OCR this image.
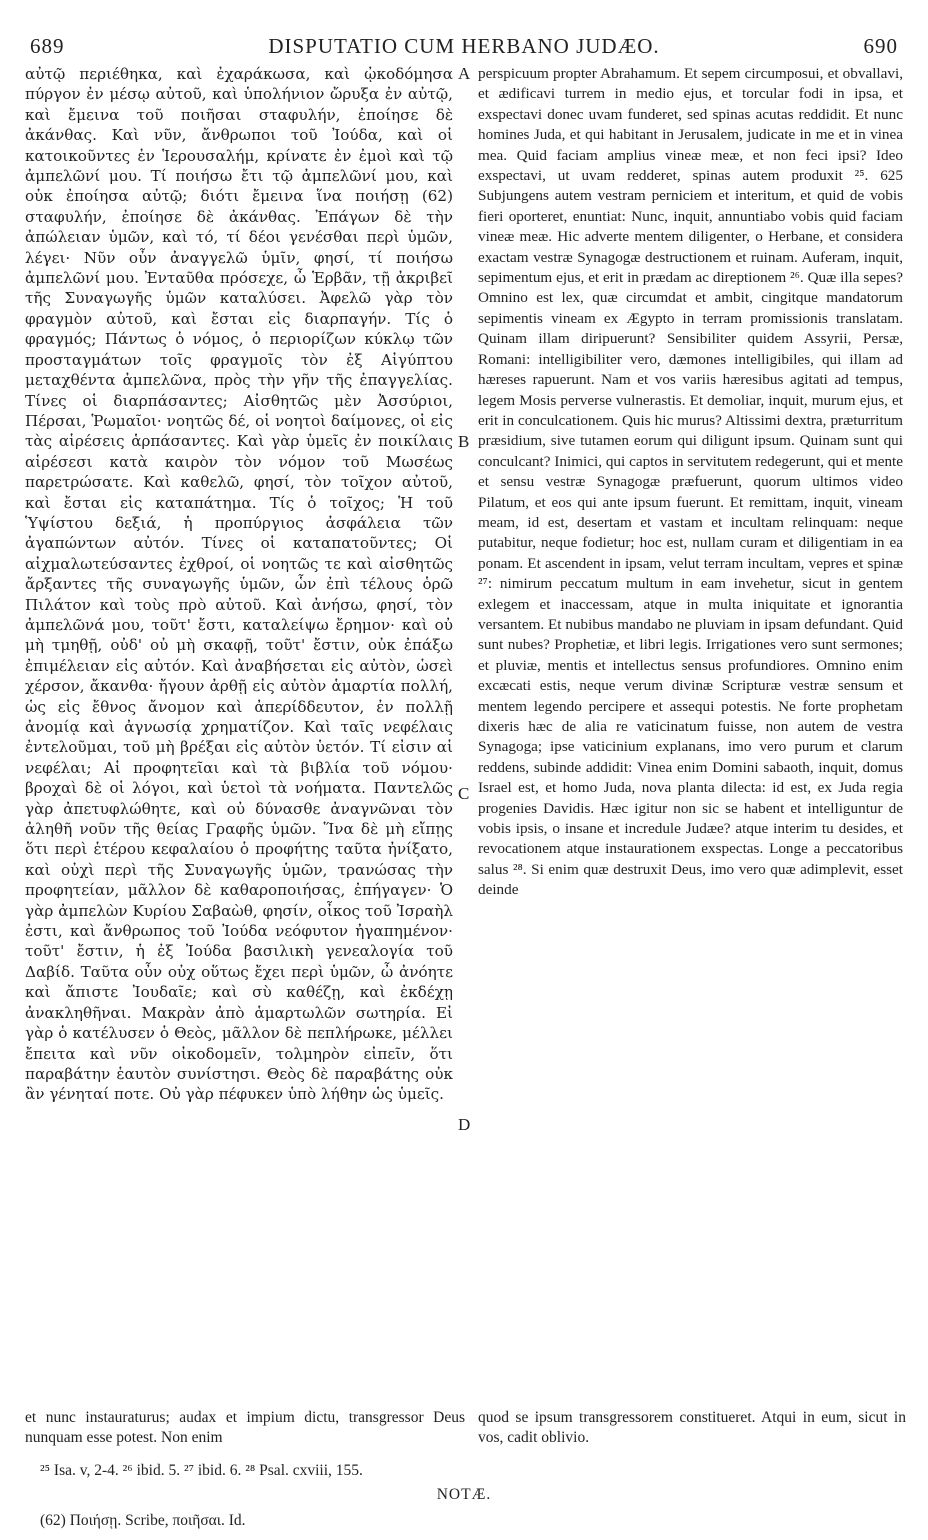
689	DISPUTATIO CUM HERBANO JUDÆO.	690

αὐτῷ περιέθηκα, καὶ ἐχαράκωσα, καὶ ᾠκοδόμησα πύργον ἐν μέσῳ αὐτοῦ, καὶ ὑπολήνιον ὤρυξα ἐν αὐτῷ, καὶ ἔμεινα τοῦ ποιῆσαι σταφυλήν, ἐποίησε δὲ ἀκάνθας. Καὶ νῦν, ἄνθρωποι τοῦ Ἰούδα, καὶ οἱ κατοικοῦντες ἐν Ἱερουσαλήμ, κρίνατε ἐν ἐμοὶ καὶ τῷ ἀμπελῶνί μου. Τί ποιήσω ἔτι τῷ ἀμπελῶνί μου, καὶ οὐκ ἐποίησα αὐτῷ; διότι ἔμεινα ἵνα ποιήσῃ (62) σταφυλήν, ἐποίησε δὲ ἀκάνθας. Ἐπάγων δὲ τὴν ἀπώλειαν ὑμῶν, καὶ τό, τί δέοι γενέσθαι περὶ ὑμῶν, λέγει· Νῦν οὖν ἀναγγελῶ ὑμῖν, φησί, τί ποιήσω ἀμπελῶνί μου. Ἐνταῦθα πρόσεχε, ὦ Ἑρβᾶν, τῇ ἀκριβεῖ τῆς Συναγωγῆς ὑμῶν καταλύσει. Ἀφελῶ γὰρ τὸν φραγμὸν αὐτοῦ, καὶ ἔσται εἰς διαρπαγήν. Τίς ὁ φραγμός; Πάντως ὁ νόμος, ὁ περιορίζων κύκλῳ τῶν προσταγμάτων τοῖς φραγμοῖς τὸν ἐξ Αἰγύπτου μεταχθέντα ἀμπελῶνα, πρὸς τὴν γῆν τῆς ἐπαγγελίας. Τίνες οἱ διαρπάσαντες; Αἰσθητῶς μὲν Ἀσσύριοι, Πέρσαι, Ῥωμαῖοι· νοητῶς δέ, οἱ νοητοὶ δαίμονες, οἱ εἰς τὰς αἱρέσεις ἁρπάσαντες. Καὶ γὰρ ὑμεῖς ἐν ποικίλαις αἱρέσεσι κατὰ καιρὸν τὸν νόμον τοῦ Μωσέως παρετρώσατε. Καὶ καθελῶ, φησί, τὸν τοῖχον αὐτοῦ, καὶ ἔσται εἰς καταπάτημα. Τίς ὁ τοῖχος; Ἡ τοῦ Ὑψίστου δεξιά, ἡ προπύργιος ἀσφάλεια τῶν ἀγαπώντων αὐτόν. Τίνες οἱ καταπατοῦντες; Οἱ αἰχμαλωτεύσαντες ἐχθροί, οἱ νοητῶς τε καὶ αἰσθητῶς ἄρξαντες τῆς συναγωγῆς ὑμῶν, ὧν ἐπὶ τέλους ὁρῶ Πιλάτον καὶ τοὺς πρὸ αὐτοῦ. Καὶ ἀνήσω, φησί, τὸν ἀμπελῶνά μου, τοῦτ' ἔστι, καταλείψω ἔρημον· καὶ οὐ μὴ τμηθῇ, οὐδ' οὐ μὴ σκαφῇ, τοῦτ' ἔστιν, οὐκ ἐπάξω ἐπιμέλειαν εἰς αὐτόν. Καὶ ἀναβήσεται εἰς αὐτὸν, ὡσεὶ χέρσον, ἄκανθα· ἤγουν ἀρθῇ εἰς αὐτὸν ἁμαρτία πολλή, ὡς εἰς ἔθνος ἄνομον καὶ ἀπερίδδευτον, ἐν πολλῇ ἀνομίᾳ καὶ ἀγνωσίᾳ χρηματίζον. Καὶ ταῖς νεφέλαις ἐντελοῦμαι, τοῦ μὴ βρέξαι εἰς αὐτὸν ὑετόν. Τί εἰσιν αἱ νεφέλαι; Αἱ προφητεῖαι καὶ τὰ βιβλία τοῦ νόμου· βροχαὶ δὲ οἱ λόγοι, καὶ ὑετοὶ τὰ νοήματα. Παντελῶς γὰρ ἀπετυφλώθητε, καὶ οὐ δύνασθε ἀναγνῶναι τὸν ἀληθῆ νοῦν τῆς θείας Γραφῆς ὑμῶν. Ἵνα δὲ μὴ εἴπῃς ὅτι περὶ ἑτέρου κεφαλαίου ὁ προφήτης ταῦτα ἠνίξατο, καὶ οὐχὶ περὶ τῆς Συναγωγῆς ὑμῶν, τρανώσας τὴν προφητείαν, μᾶλλον δὲ καθαροποιήσας, ἐπήγαγεν· Ὁ γὰρ ἀμπελὼν Κυρίου Σαβαὼθ, φησίν, οἶκος τοῦ Ἰσραὴλ ἐστι, καὶ ἄνθρωπος τοῦ Ἰούδα νεόφυτον ἠγαπημένον· τοῦτ' ἔστιν, ἡ ἐξ Ἰούδα βασιλικὴ γενεαλογία τοῦ Δαβίδ. Ταῦτα οὖν οὐχ οὕτως ἔχει περὶ ὑμῶν, ὦ ἀνόητε καὶ ἄπιστε Ἰουδαῖε; καὶ σὺ καθέζῃ, καὶ ἐκδέχῃ ἀνακληθῆναι. Μακρὰν ἀπὸ ἁμαρτωλῶν σωτηρία. Εἰ γὰρ ὁ κατέλυσεν ὁ Θεὸς, μᾶλλον δὲ πεπλήρωκε, μέλλει ἔπειτα καὶ νῦν οἰκοδομεῖν, τολμηρὸν εἰπεῖν, ὅτι παραβάτην ἑαυτὸν συνίστησι. Θεὸς δὲ παραβάτης οὐκ ἂν γένηταί ποτε. Οὐ γὰρ πέφυκεν ὑπὸ λήθην ὡς ὑμεῖς.

A
B
C
D

perspicuum propter Abrahamum. Et sepem circumposui, et obvallavi, et ædificavi turrem in medio ejus, et torcular fodi in ipsa, et exspectavi donec uvam funderet, sed spinas acutas reddidit. Et nunc homines Juda, et qui habitant in Jerusalem, judicate in me et in vinea mea. Quid faciam amplius vineæ meæ, et non feci ipsi? Ideo exspectavi, ut uvam redderet, spinas autem produxit ²⁵. 625 Subjungens autem vestram perniciem et interitum, et quid de vobis fieri oporteret, enuntiat: Nunc, inquit, annuntiabo vobis quid faciam vineæ meæ. Hic adverte mentem diligenter, o Herbane, et considera exactam vestræ Synagogæ destructionem et ruinam. Auferam, inquit, sepimentum ejus, et erit in prædam ac direptionem ²⁶. Quæ illa sepes? Omnino est lex, quæ circumdat et ambit, cingitque mandatorum sepimentis vineam ex Ægypto in terram promissionis translatam. Quinam illam diripuerunt? Sensibiliter quidem Assyrii, Persæ, Romani: intelligibiliter vero, dæmones intelligibiles, qui illam ad hæreses rapuerunt. Nam et vos variis hæresibus agitati ad tempus, legem Mosis perverse vulnerastis. Et demoliar, inquit, murum ejus, et erit in conculcationem. Quis hic murus? Altissimi dextra, præturritum præsidium, sive tutamen eorum qui diligunt ipsum. Quinam sunt qui conculcant? Inimici, qui captos in servitutem redegerunt, qui et mente et sensu vestræ Synagogæ præfuerunt, quorum ultimos video Pilatum, et eos qui ante ipsum fuerunt. Et remittam, inquit, vineam meam, id est, desertam et vastam et incultam relinquam: neque putabitur, neque fodietur; hoc est, nullam curam et diligentiam in ea ponam. Et ascendent in ipsam, velut terram incultam, vepres et spinæ ²⁷: nimirum peccatum multum in eam invehetur, sicut in gentem exlegem et inaccessam, atque in multa iniquitate et ignorantia versantem. Et nubibus mandabo ne pluviam in ipsam defundant. Quid sunt nubes? Prophetiæ, et libri legis. Irrigationes vero sunt sermones; et pluviæ, mentis et intellectus sensus profundiores. Omnino enim excæcati estis, neque verum divinæ Scripturæ vestræ sensum et mentem legendo percipere et assequi potestis. Ne forte prophetam dixeris hæc de alia re vaticinatum fuisse, non autem de vestra Synagoga; ipse vaticinium explanans, imo vero purum et clarum reddens, subinde addidit: Vinea enim Domini sabaoth, inquit, domus Israel est, et homo Juda, nova planta dilecta: id est, ex Juda regia progenies Davidis. Hæc igitur non sic se habent et intelliguntur de vobis ipsis, o insane et incredule Judæe? atque interim tu desides, et revocationem atque instaurationem exspectas. Longe a peccatoribus salus ²⁸. Si enim quæ destruxit Deus, imo vero quæ adimplevit, esset deinde

et nunc instauraturus; audax et impium dictu, transgressor Deus nunquam esse potest. Non enim
quod se ipsum transgressorem constitueret. Atqui in eum, sicut in vos, cadit oblivio.
²⁵ Isa. v, 2-4. ²⁶ ibid. 5. ²⁷ ibid. 6. ²⁸ Psal. cxviii, 155.
NOTÆ.
(62) Ποιήσῃ. Scribe, ποιῆσαι. Id.
